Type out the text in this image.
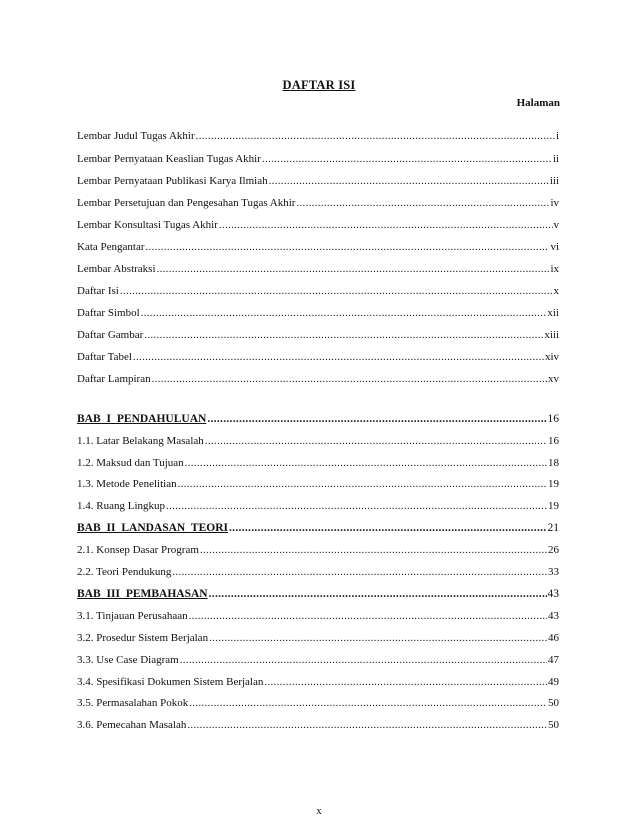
DAFTAR ISI
Halaman
Lembar Judul Tugas Akhir .....	i
Lembar Pernyataan Keaslian Tugas Akhir .....	ii
Lembar Pernyataan Publikasi Karya Ilmiah .....	iii
Lembar Persetujuan dan Pengesahan Tugas Akhir .....	iv
Lembar Konsultasi Tugas Akhir .....	v
Kata Pengantar .....	vi
Lembar Abstraksi .....	ix
Daftar Isi .....	x
Daftar Simbol .....	xii
Daftar Gambar .....	xiii
Daftar Tabel .....	xiv
Daftar Lampiran .....	xv
BAB I PENDAHULUAN .....	16
1.1. Latar Belakang Masalah .....	16
1.2. Maksud dan Tujuan .....	18
1.3. Metode Penelitian .....	19
1.4. Ruang Lingkup .....	19
BAB II LANDASAN TEORI .....	21
2.1. Konsep Dasar Program .....	26
2.2. Teori Pendukung .....	33
BAB III PEMBAHASAN .....	43
3.1. Tinjauan Perusahaan .....	43
3.2. Prosedur Sistem Berjalan .....	46
3.3. Use Case Diagram .....	47
3.4. Spesifikasi Dokumen Sistem Berjalan .....	49
3.5. Permasalahan Pokok .....	50
3.6. Pemecahan Masalah .....	50
x
